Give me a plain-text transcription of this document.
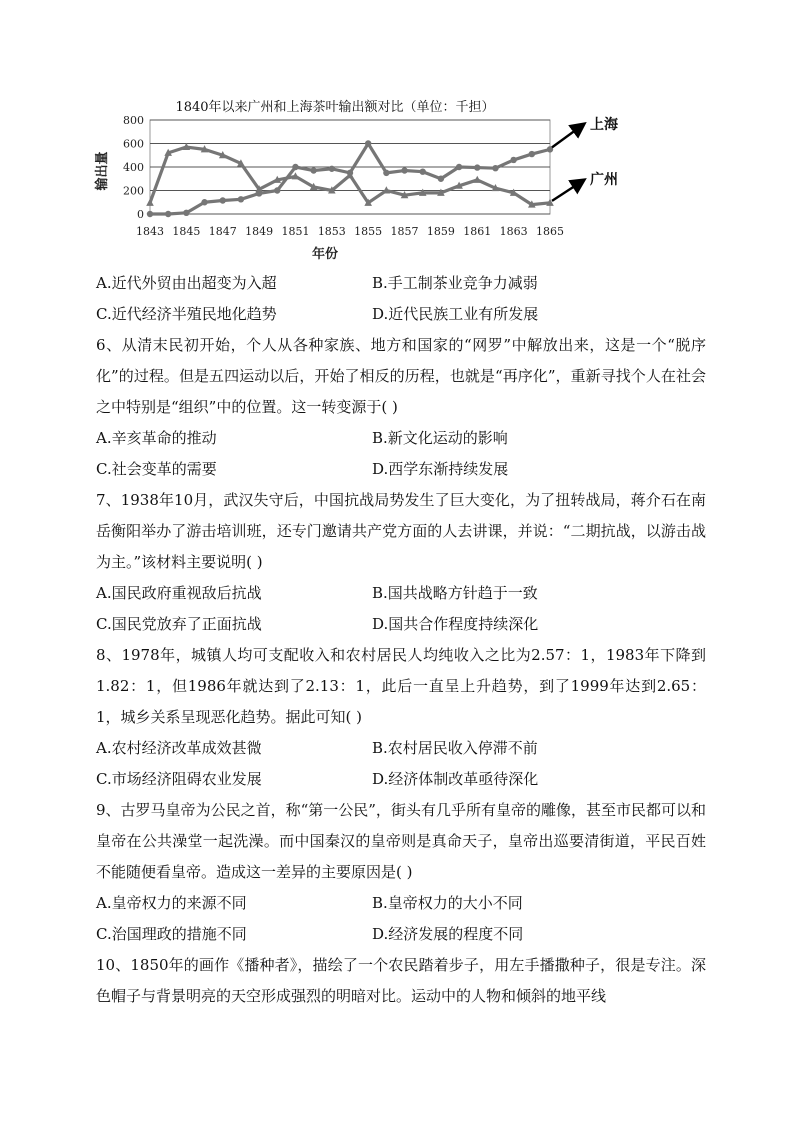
1840年以来广州和上海茶叶输出额对比（单位：千担）
0
200
400
600
800
1843 1845 1847 1849 1851 1853 1855 1857 1859 1861 1863 1865
年份
输出量
上海
广州
A.近代外贸由出超变为入超	B.手工制茶业竞争力减弱
C.近代经济半殖民地化趋势	D.近代民族工业有所发展
6、从清末民初开始，个人从各种家族、地方和国家的“网罗”中解放出来，这是一个“脱序化”的过程。但是五四运动以后，开始了相反的历程，也就是“再序化”，重新寻找个人在社会之中特别是“组织”中的位置。这一转变源于( )
A.辛亥革命的推动	B.新文化运动的影响
C.社会变革的需要	D.西学东渐持续发展
7、1938年10月，武汉失守后，中国抗战局势发生了巨大变化，为了扭转战局，蒋介石在南岳衡阳举办了游击培训班，还专门邀请共产党方面的人去讲课，并说：“二期抗战，以游击战为主。”该材料主要说明( )
A.国民政府重视敌后抗战	B.国共战略方针趋于一致
C.国民党放弃了正面抗战	D.国共合作程度持续深化
8、1978年，城镇人均可支配收入和农村居民人均纯收入之比为2.57：1，1983年下降到1.82：1，但1986年就达到了2.13：1，此后一直呈上升趋势，到了1999年达到2.65：1，城乡关系呈现恶化趋势。据此可知( )
A.农村经济改革成效甚微	B.农村居民收入停滞不前
C.市场经济阻碍农业发展	D.经济体制改革亟待深化
9、古罗马皇帝为公民之首，称“第一公民”，街头有几乎所有皇帝的雕像，甚至市民都可以和皇帝在公共澡堂一起洗澡。而中国秦汉的皇帝则是真命天子，皇帝出巡要清街道，平民百姓不能随便看皇帝。造成这一差异的主要原因是( )
A.皇帝权力的来源不同	B.皇帝权力的大小不同
C.治国理政的措施不同	D.经济发展的程度不同
10、1850年的画作《播种者》，描绘了一个农民踏着步子，用左手播撒种子，很是专注。深色帽子与背景明亮的天空形成强烈的明暗对比。运动中的人物和倾斜的地平线
